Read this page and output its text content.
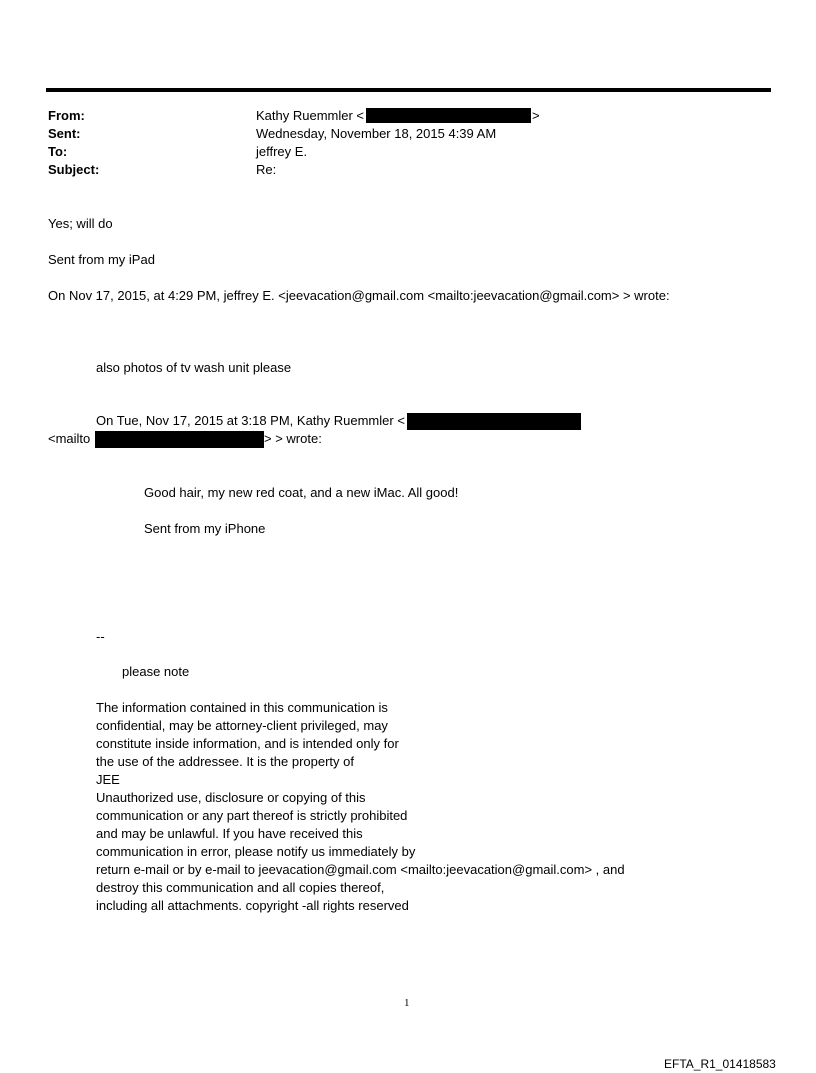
From:	Kathy Ruemmler <	>
Sent:	Wednesday, November 18, 2015 4:39 AM
To:	jeffrey E.
Subject:	Re:
Yes; will do
Sent from my iPad
On Nov 17, 2015, at 4:29 PM, jeffrey E. <jeevacation@gmail.com <mailto:jeevacation@gmail.com> > wrote:
also photos of tv wash unit please
On Tue, Nov 17, 2015 at 3:18 PM, Kathy Ruemmler <
<mailto	> > wrote:
Good hair, my new red coat, and a new iMac. All good!
Sent from my iPhone
--
please note
The information contained in this communication is
confidential, may be attorney-client privileged, may
constitute inside information, and is intended only for
the use of the addressee. It is the property of
JEE
Unauthorized use, disclosure or copying of this
communication or any part thereof is strictly prohibited
and may be unlawful. If you have received this
communication in error, please notify us immediately by
return e-mail or by e-mail to jeevacation@gmail.com <mailto:jeevacation@gmail.com> , and
destroy this communication and all copies thereof,
including all attachments. copyright -all rights reserved
1
EFTA_R1_01418583
